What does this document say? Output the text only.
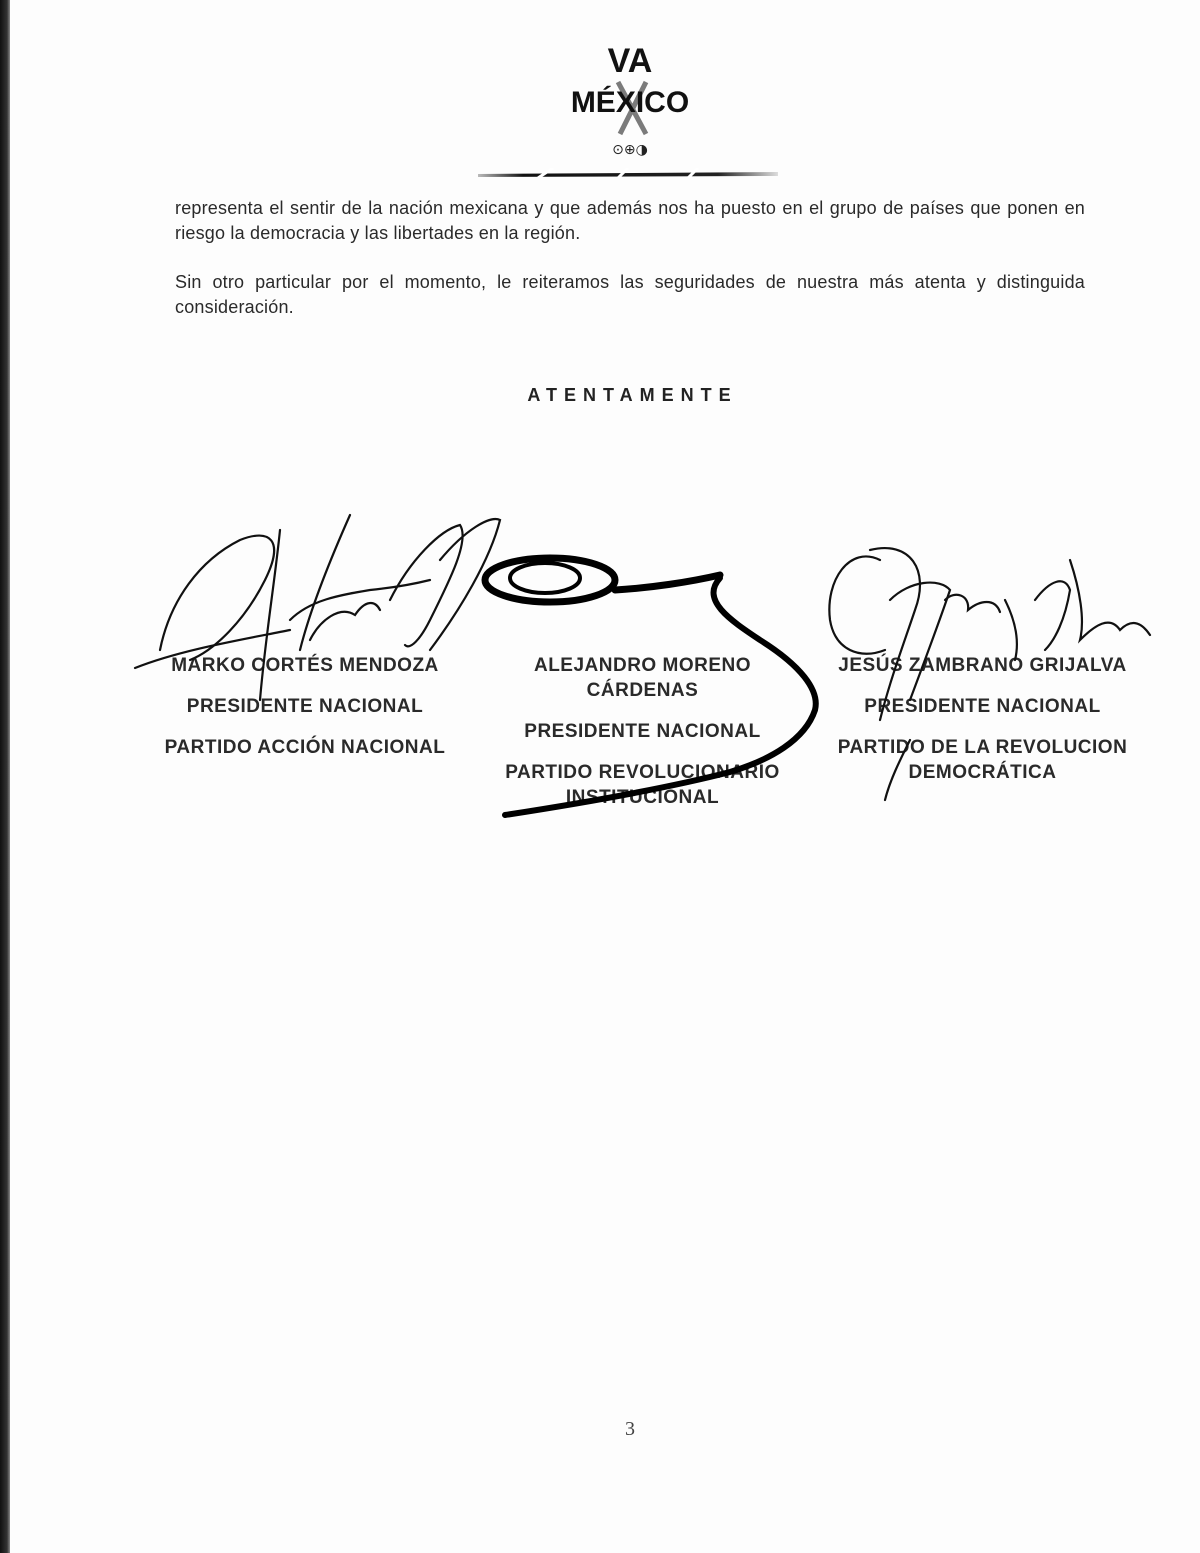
VA
MÉXICO
⊙⊕◑
representa el sentir de la nación mexicana y que además nos ha puesto en el grupo de países que ponen en riesgo la democracia y las libertades en la región.
Sin otro particular por el momento, le reiteramos las seguridades de nuestra más atenta y distinguida consideración.
ATENTAMENTE
MARKO CORTÉS MENDOZA
PRESIDENTE NACIONAL
PARTIDO ACCIÓN NACIONAL
ALEJANDRO MORENO CÁRDENAS
PRESIDENTE NACIONAL
PARTIDO REVOLUCIONARIO INSTITUCIONAL
JESÚS ZAMBRANO GRIJALVA
PRESIDENTE NACIONAL
PARTIDO DE LA REVOLUCION DEMOCRÁTICA
3
